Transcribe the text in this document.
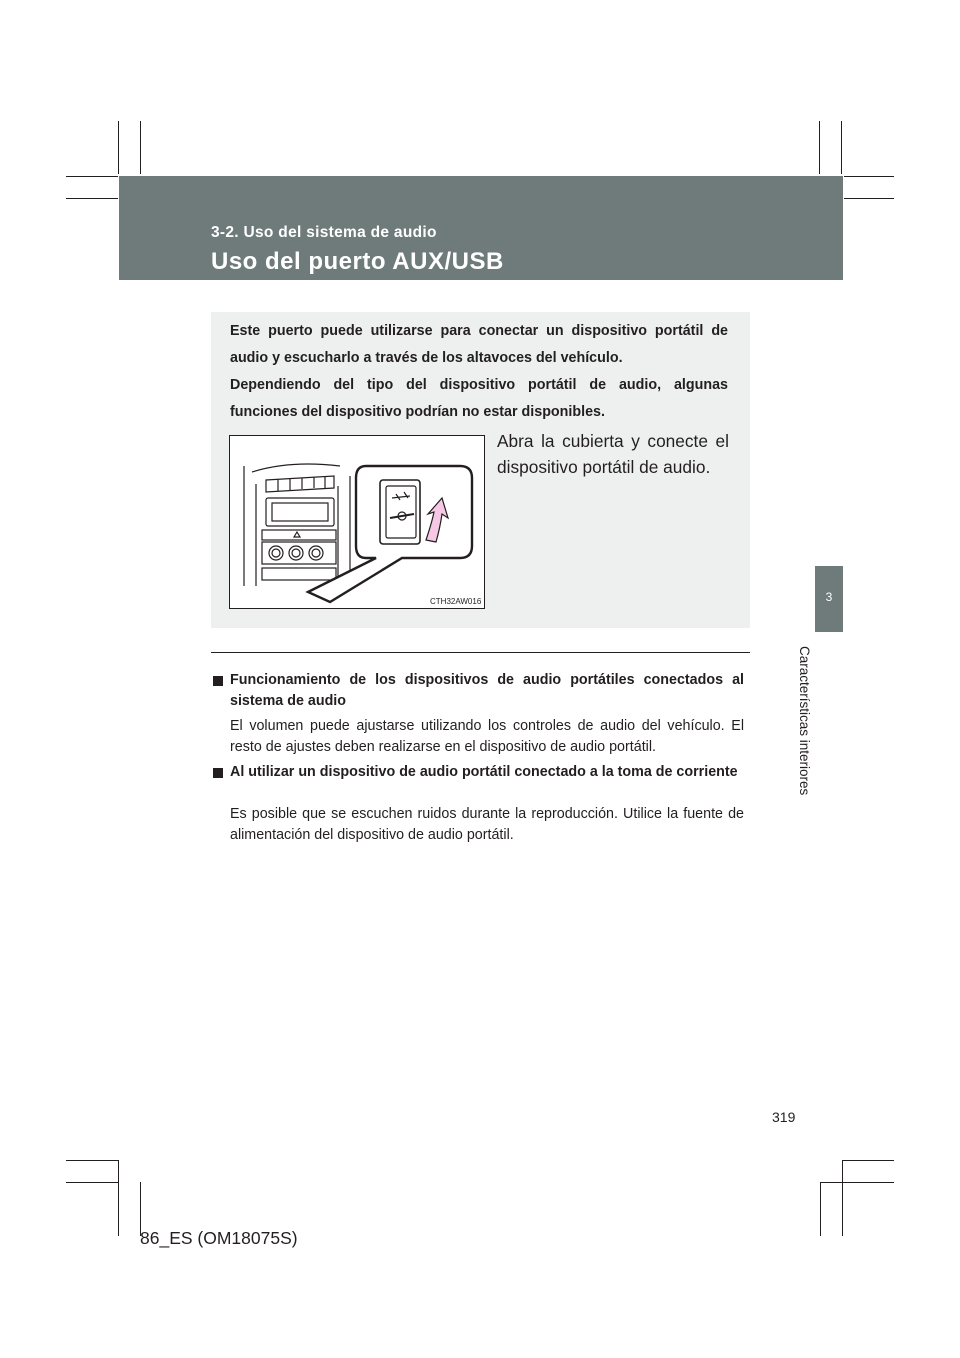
3-2. Uso del sistema de audio
Uso del puerto AUX/USB
3
Características interiores
Este puerto puede utilizarse para conectar un dispositivo portátil de audio y escucharlo a través de los altavoces del vehículo.
Dependiendo del tipo del dispositivo portátil de audio, algunas funciones del dispositivo podrían no estar disponibles.
Abra la cubierta y conecte el dispositivo portátil de audio.
CTH32AW016
Funcionamiento de los dispositivos de audio portátiles conectados al sistema de audio
El volumen puede ajustarse utilizando los controles de audio del vehículo. El resto de ajustes deben realizarse en el dispositivo de audio portátil.
Al utilizar un dispositivo de audio portátil conectado a la toma de corriente
Es posible que se escuchen ruidos durante la reproducción. Utilice la fuente de alimentación del dispositivo de audio portátil.
319
86_ES (OM18075S)
